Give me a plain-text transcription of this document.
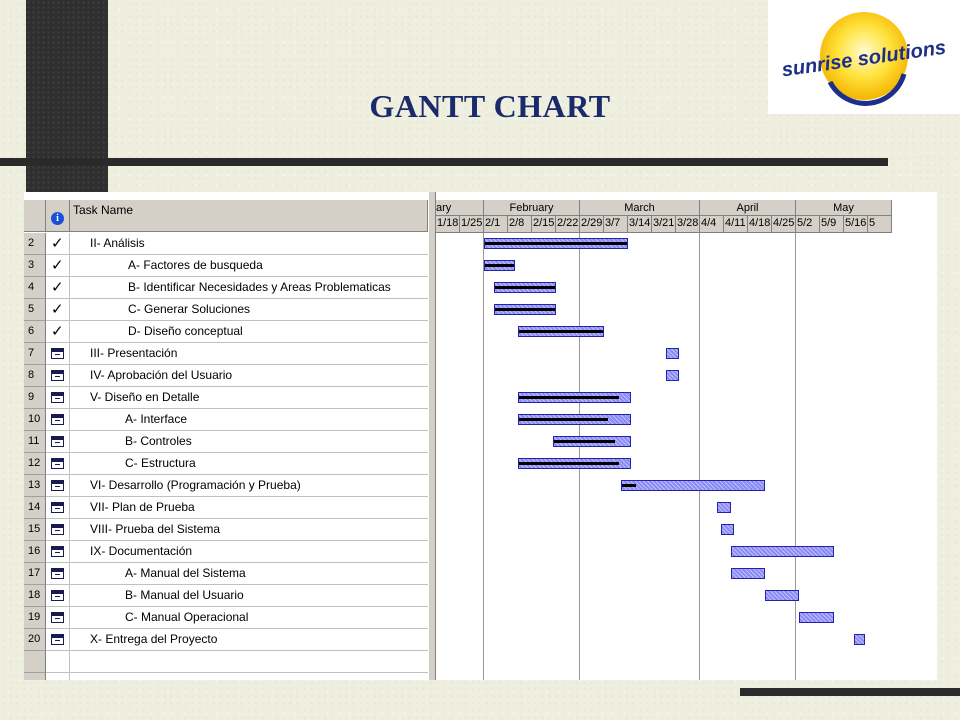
sunrise solutions
GANTT CHART
i
Task Name
2	✓	II- Análisis
3	✓	A- Factores de busqueda
4	✓	B- Identificar Necesidades y Areas Problematicas
5	✓	C- Generar Soluciones
6	✓	D- Diseño conceptual
7	III- Presentación
8	IV- Aprobación del Usuario
9	V- Diseño en Detalle
10	A- Interface
11	B- Controles
12	C- Estructura
13	VI- Desarrollo (Programación y Prueba)
14	VII- Plan de Prueba
15	VIII- Prueba del Sistema
16	IX- Documentación
17	A- Manual del Sistema
18	B- Manual del Usuario
19	C- Manual Operacional
20	X- Entrega del Proyecto
ary	February	March	April	May
1/18 1/25 2/1 2/8 2/15 2/22 2/29 3/7 3/14 3/21 3/28 4/4 4/11 4/18 4/25 5/2 5/9 5/16 5
